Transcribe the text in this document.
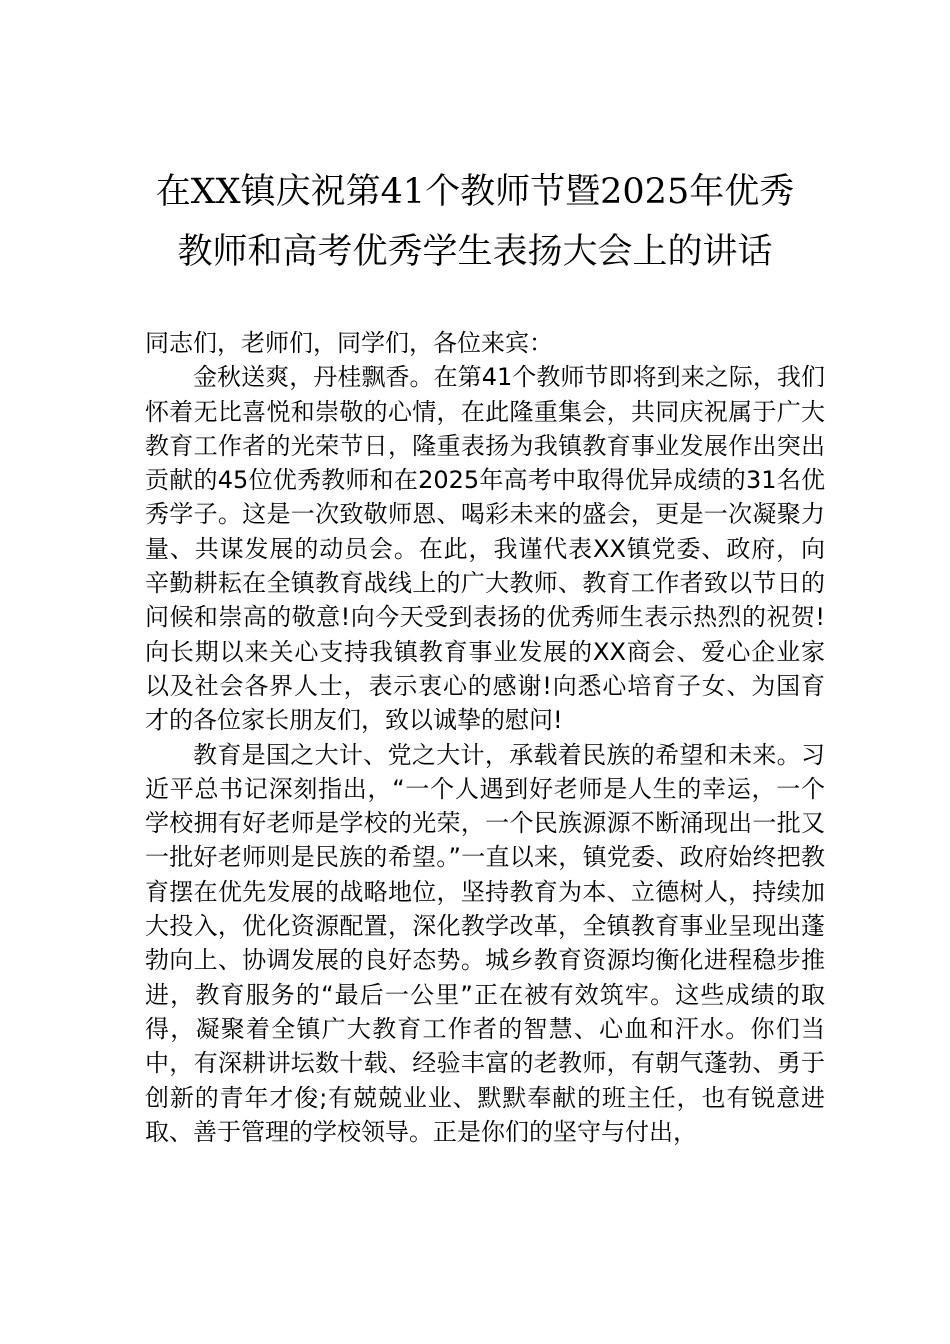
在XX镇庆祝第41个教师节暨2025年优秀
教师和高考优秀学生表扬大会上的讲话

同志们，老师们，同学们，各位来宾：

金秋送爽，丹桂飘香。在第41个教师节即将到来之际，我们怀着无比喜悦和崇敬的心情，在此隆重集会，共同庆祝属于广大教育工作者的光荣节日，隆重表扬为我镇教育事业发展作出突出贡献的45位优秀教师和在2025年高考中取得优异成绩的31名优秀学子。这是一次致敬师恩、喝彩未来的盛会，更是一次凝聚力量、共谋发展的动员会。在此，我谨代表XX镇党委、政府，向辛勤耕耘在全镇教育战线上的广大教师、教育工作者致以节日的问候和崇高的敬意!向今天受到表扬的优秀师生表示热烈的祝贺!向长期以来关心支持我镇教育事业发展的XX商会、爱心企业家以及社会各界人士，表示衷心的感谢!向悉心培育子女、为国育才的各位家长朋友们，致以诚挚的慰问!

教育是国之大计、党之大计，承载着民族的希望和未来。习近平总书记深刻指出，“一个人遇到好老师是人生的幸运，一个学校拥有好老师是学校的光荣，一个民族源源不断涌现出一批又一批好老师则是民族的希望。”一直以来，镇党委、政府始终把教育摆在优先发展的战略地位，坚持教育为本、立德树人，持续加大投入，优化资源配置，深化教学改革，全镇教育事业呈现出蓬勃向上、协调发展的良好态势。城乡教育资源均衡化进程稳步推进，教育服务的“最后一公里”正在被有效筑牢。这些成绩的取得，凝聚着全镇广大教育工作者的智慧、心血和汗水。你们当中，有深耕讲坛数十载、经验丰富的老教师，有朝气蓬勃、勇于创新的青年才俊;有兢兢业业、默默奉献的班主任，也有锐意进取、善于管理的学校领导。正是你们的坚守与付出，
